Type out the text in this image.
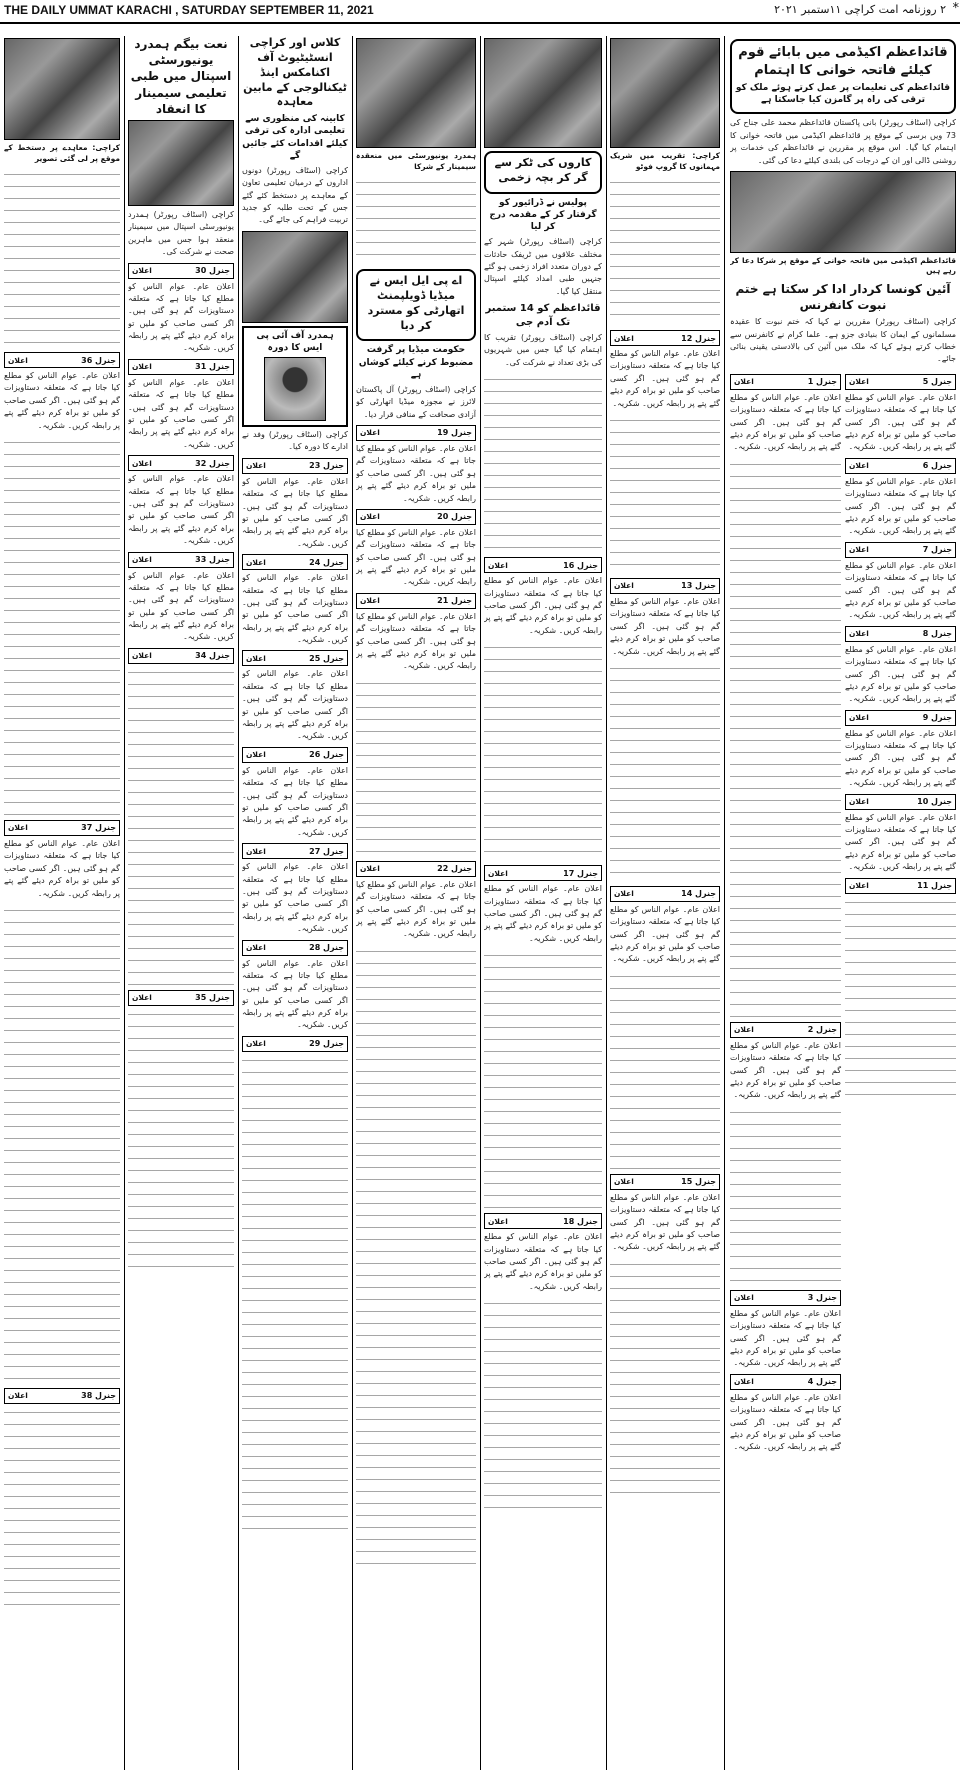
THE DAILY UMMAT KARACHI , SATURDAY SEPTEMBER 11, 2021	۲ روزنامہ امت کراچی ۱۱ستمبر ۲۰۲۱ *
قائداعظم اکیڈمی میں بابائے قوم کیلئے فاتحہ خوانی کا اہتمام
قائداعظم کی تعلیمات پر عمل کرتے ہوئے ملک کو ترقی کی راہ پر گامزن کیا جاسکتا ہے
کراچی (اسٹاف رپورٹر) بانی پاکستان قائداعظم محمد علی جناح کی 73 ویں برسی کے موقع پر قائداعظم اکیڈمی میں فاتحہ خوانی کا اہتمام کیا گیا۔ اس موقع پر مقررین نے قائداعظم کی خدمات پر روشنی ڈالی اور ان کے درجات کی بلندی کیلئے دعا کی گئی۔
قائداعظم اکیڈمی میں فاتحہ خوانی کے موقع پر شرکا دعا کر رہے ہیں
آئین کونسا کردار ادا کر سکتا ہے ختم نبوت کانفرنس
کراچی (اسٹاف رپورٹر) مقررین نے کہا کہ ختم نبوت کا عقیدہ مسلمانوں کے ایمان کا بنیادی جزو ہے۔ علما کرام نے کانفرنس سے خطاب کرتے ہوئے کہا کہ ملک میں آئین کی بالادستی یقینی بنائی جائے۔
جنرل 5
اعلان
اعلان عام۔ عوام الناس کو مطلع کیا جاتا ہے کہ متعلقہ دستاویزات گم ہو گئی ہیں۔ اگر کسی صاحب کو ملیں تو براہ کرم دیئے گئے پتے پر رابطہ کریں۔ شکریہ۔
جنرل 6
اعلان
اعلان عام۔ عوام الناس کو مطلع کیا جاتا ہے کہ متعلقہ دستاویزات گم ہو گئی ہیں۔ اگر کسی صاحب کو ملیں تو براہ کرم دیئے گئے پتے پر رابطہ کریں۔ شکریہ۔
جنرل 7
اعلان
اعلان عام۔ عوام الناس کو مطلع کیا جاتا ہے کہ متعلقہ دستاویزات گم ہو گئی ہیں۔ اگر کسی صاحب کو ملیں تو براہ کرم دیئے گئے پتے پر رابطہ کریں۔ شکریہ۔
جنرل 8
اعلان
اعلان عام۔ عوام الناس کو مطلع کیا جاتا ہے کہ متعلقہ دستاویزات گم ہو گئی ہیں۔ اگر کسی صاحب کو ملیں تو براہ کرم دیئے گئے پتے پر رابطہ کریں۔ شکریہ۔
جنرل 9
اعلان
اعلان عام۔ عوام الناس کو مطلع کیا جاتا ہے کہ متعلقہ دستاویزات گم ہو گئی ہیں۔ اگر کسی صاحب کو ملیں تو براہ کرم دیئے گئے پتے پر رابطہ کریں۔ شکریہ۔
جنرل 10
اعلان
اعلان عام۔ عوام الناس کو مطلع کیا جاتا ہے کہ متعلقہ دستاویزات گم ہو گئی ہیں۔ اگر کسی صاحب کو ملیں تو براہ کرم دیئے گئے پتے پر رابطہ کریں۔ شکریہ۔
جنرل 11
اعلان
جنرل 1
اعلان
اعلان عام۔ عوام الناس کو مطلع کیا جاتا ہے کہ متعلقہ دستاویزات گم ہو گئی ہیں۔ اگر کسی صاحب کو ملیں تو براہ کرم دیئے گئے پتے پر رابطہ کریں۔ شکریہ۔
جنرل 2
اعلان
اعلان عام۔ عوام الناس کو مطلع کیا جاتا ہے کہ متعلقہ دستاویزات گم ہو گئی ہیں۔ اگر کسی صاحب کو ملیں تو براہ کرم دیئے گئے پتے پر رابطہ کریں۔ شکریہ۔
جنرل 3
اعلان
اعلان عام۔ عوام الناس کو مطلع کیا جاتا ہے کہ متعلقہ دستاویزات گم ہو گئی ہیں۔ اگر کسی صاحب کو ملیں تو براہ کرم دیئے گئے پتے پر رابطہ کریں۔ شکریہ۔
جنرل 4
اعلان
اعلان عام۔ عوام الناس کو مطلع کیا جاتا ہے کہ متعلقہ دستاویزات گم ہو گئی ہیں۔ اگر کسی صاحب کو ملیں تو براہ کرم دیئے گئے پتے پر رابطہ کریں۔ شکریہ۔
کراچی: تقریب میں شریک مہمانوں کا گروپ فوٹو
جنرل 12
اعلان
اعلان عام۔ عوام الناس کو مطلع کیا جاتا ہے کہ متعلقہ دستاویزات گم ہو گئی ہیں۔ اگر کسی صاحب کو ملیں تو براہ کرم دیئے گئے پتے پر رابطہ کریں۔ شکریہ۔
جنرل 13
اعلان
اعلان عام۔ عوام الناس کو مطلع کیا جاتا ہے کہ متعلقہ دستاویزات گم ہو گئی ہیں۔ اگر کسی صاحب کو ملیں تو براہ کرم دیئے گئے پتے پر رابطہ کریں۔ شکریہ۔
جنرل 14
اعلان
اعلان عام۔ عوام الناس کو مطلع کیا جاتا ہے کہ متعلقہ دستاویزات گم ہو گئی ہیں۔ اگر کسی صاحب کو ملیں تو براہ کرم دیئے گئے پتے پر رابطہ کریں۔ شکریہ۔
جنرل 15
اعلان
اعلان عام۔ عوام الناس کو مطلع کیا جاتا ہے کہ متعلقہ دستاویزات گم ہو گئی ہیں۔ اگر کسی صاحب کو ملیں تو براہ کرم دیئے گئے پتے پر رابطہ کریں۔ شکریہ۔
کاروں کی ٹکر سے گر کر بچہ زخمی
پولیس نے ڈرائیور کو گرفتار کر کے مقدمہ درج کر لیا
کراچی (اسٹاف رپورٹر) شہر کے مختلف علاقوں میں ٹریفک حادثات کے دوران متعدد افراد زخمی ہو گئے جنہیں طبی امداد کیلئے اسپتال منتقل کیا گیا۔
قائداعظم کو 14 ستمبر تک آدم جی
کراچی (اسٹاف رپورٹر) تقریب کا اہتمام کیا گیا جس میں شہریوں کی بڑی تعداد نے شرکت کی۔
جنرل 16
اعلان
اعلان عام۔ عوام الناس کو مطلع کیا جاتا ہے کہ متعلقہ دستاویزات گم ہو گئی ہیں۔ اگر کسی صاحب کو ملیں تو براہ کرم دیئے گئے پتے پر رابطہ کریں۔ شکریہ۔
جنرل 17
اعلان
اعلان عام۔ عوام الناس کو مطلع کیا جاتا ہے کہ متعلقہ دستاویزات گم ہو گئی ہیں۔ اگر کسی صاحب کو ملیں تو براہ کرم دیئے گئے پتے پر رابطہ کریں۔ شکریہ۔
جنرل 18
اعلان
اعلان عام۔ عوام الناس کو مطلع کیا جاتا ہے کہ متعلقہ دستاویزات گم ہو گئی ہیں۔ اگر کسی صاحب کو ملیں تو براہ کرم دیئے گئے پتے پر رابطہ کریں۔ شکریہ۔
ہمدرد یونیورسٹی میں منعقدہ سیمینار کے شرکا
اے پی ایل ایس نے میڈیا ڈویلپمنٹ اتھارٹی کو مسترد کر دیا
حکومت میڈیا پر گرفت مضبوط کرنے کیلئے کوشاں ہے
کراچی (اسٹاف رپورٹر) آل پاکستان لائرز نے مجوزہ میڈیا اتھارٹی کو آزادی صحافت کے منافی قرار دیا۔
جنرل 19
اعلان
اعلان عام۔ عوام الناس کو مطلع کیا جاتا ہے کہ متعلقہ دستاویزات گم ہو گئی ہیں۔ اگر کسی صاحب کو ملیں تو براہ کرم دیئے گئے پتے پر رابطہ کریں۔ شکریہ۔
جنرل 20
اعلان
اعلان عام۔ عوام الناس کو مطلع کیا جاتا ہے کہ متعلقہ دستاویزات گم ہو گئی ہیں۔ اگر کسی صاحب کو ملیں تو براہ کرم دیئے گئے پتے پر رابطہ کریں۔ شکریہ۔
جنرل 21
اعلان
اعلان عام۔ عوام الناس کو مطلع کیا جاتا ہے کہ متعلقہ دستاویزات گم ہو گئی ہیں۔ اگر کسی صاحب کو ملیں تو براہ کرم دیئے گئے پتے پر رابطہ کریں۔ شکریہ۔
جنرل 22
اعلان
اعلان عام۔ عوام الناس کو مطلع کیا جاتا ہے کہ متعلقہ دستاویزات گم ہو گئی ہیں۔ اگر کسی صاحب کو ملیں تو براہ کرم دیئے گئے پتے پر رابطہ کریں۔ شکریہ۔
کلاس اور کراچی انسٹیٹیوٹ آف اکنامکس اینڈ ٹیکنالوجی کے مابین معاہدہ
کابینہ کی منظوری سے تعلیمی ادارہ کی ترقی کیلئے اقدامات کئے جائیں گے
کراچی (اسٹاف رپورٹر) دونوں اداروں کے درمیان تعلیمی تعاون کے معاہدے پر دستخط کئے گئے جس کے تحت طلبہ کو جدید تربیت فراہم کی جائے گی۔
ہمدرد آف آئی پی ایس کا دورہ
کراچی (اسٹاف رپورٹر) وفد نے ادارے کا دورہ کیا۔
جنرل 23
اعلان
اعلان عام۔ عوام الناس کو مطلع کیا جاتا ہے کہ متعلقہ دستاویزات گم ہو گئی ہیں۔ اگر کسی صاحب کو ملیں تو براہ کرم دیئے گئے پتے پر رابطہ کریں۔ شکریہ۔
جنرل 24
اعلان
اعلان عام۔ عوام الناس کو مطلع کیا جاتا ہے کہ متعلقہ دستاویزات گم ہو گئی ہیں۔ اگر کسی صاحب کو ملیں تو براہ کرم دیئے گئے پتے پر رابطہ کریں۔ شکریہ۔
جنرل 25
اعلان
اعلان عام۔ عوام الناس کو مطلع کیا جاتا ہے کہ متعلقہ دستاویزات گم ہو گئی ہیں۔ اگر کسی صاحب کو ملیں تو براہ کرم دیئے گئے پتے پر رابطہ کریں۔ شکریہ۔
جنرل 26
اعلان
اعلان عام۔ عوام الناس کو مطلع کیا جاتا ہے کہ متعلقہ دستاویزات گم ہو گئی ہیں۔ اگر کسی صاحب کو ملیں تو براہ کرم دیئے گئے پتے پر رابطہ کریں۔ شکریہ۔
جنرل 27
اعلان
اعلان عام۔ عوام الناس کو مطلع کیا جاتا ہے کہ متعلقہ دستاویزات گم ہو گئی ہیں۔ اگر کسی صاحب کو ملیں تو براہ کرم دیئے گئے پتے پر رابطہ کریں۔ شکریہ۔
جنرل 28
اعلان
اعلان عام۔ عوام الناس کو مطلع کیا جاتا ہے کہ متعلقہ دستاویزات گم ہو گئی ہیں۔ اگر کسی صاحب کو ملیں تو براہ کرم دیئے گئے پتے پر رابطہ کریں۔ شکریہ۔
جنرل 29
اعلان
نعت بیگم ہمدرد یونیورسٹی اسپتال میں طبی تعلیمی سیمینار کا انعقاد
کراچی (اسٹاف رپورٹر) ہمدرد یونیورسٹی اسپتال میں سیمینار منعقد ہوا جس میں ماہرین صحت نے شرکت کی۔
جنرل 30
اعلان
اعلان عام۔ عوام الناس کو مطلع کیا جاتا ہے کہ متعلقہ دستاویزات گم ہو گئی ہیں۔ اگر کسی صاحب کو ملیں تو براہ کرم دیئے گئے پتے پر رابطہ کریں۔ شکریہ۔
جنرل 31
اعلان
اعلان عام۔ عوام الناس کو مطلع کیا جاتا ہے کہ متعلقہ دستاویزات گم ہو گئی ہیں۔ اگر کسی صاحب کو ملیں تو براہ کرم دیئے گئے پتے پر رابطہ کریں۔ شکریہ۔
جنرل 32
اعلان
اعلان عام۔ عوام الناس کو مطلع کیا جاتا ہے کہ متعلقہ دستاویزات گم ہو گئی ہیں۔ اگر کسی صاحب کو ملیں تو براہ کرم دیئے گئے پتے پر رابطہ کریں۔ شکریہ۔
جنرل 33
اعلان
اعلان عام۔ عوام الناس کو مطلع کیا جاتا ہے کہ متعلقہ دستاویزات گم ہو گئی ہیں۔ اگر کسی صاحب کو ملیں تو براہ کرم دیئے گئے پتے پر رابطہ کریں۔ شکریہ۔
جنرل 34
اعلان
جنرل 35
اعلان
کراچی: معاہدے پر دستخط کے موقع پر لی گئی تصویر
جنرل 36
اعلان
اعلان عام۔ عوام الناس کو مطلع کیا جاتا ہے کہ متعلقہ دستاویزات گم ہو گئی ہیں۔ اگر کسی صاحب کو ملیں تو براہ کرم دیئے گئے پتے پر رابطہ کریں۔ شکریہ۔
جنرل 37
اعلان
اعلان عام۔ عوام الناس کو مطلع کیا جاتا ہے کہ متعلقہ دستاویزات گم ہو گئی ہیں۔ اگر کسی صاحب کو ملیں تو براہ کرم دیئے گئے پتے پر رابطہ کریں۔ شکریہ۔
جنرل 38
اعلان
